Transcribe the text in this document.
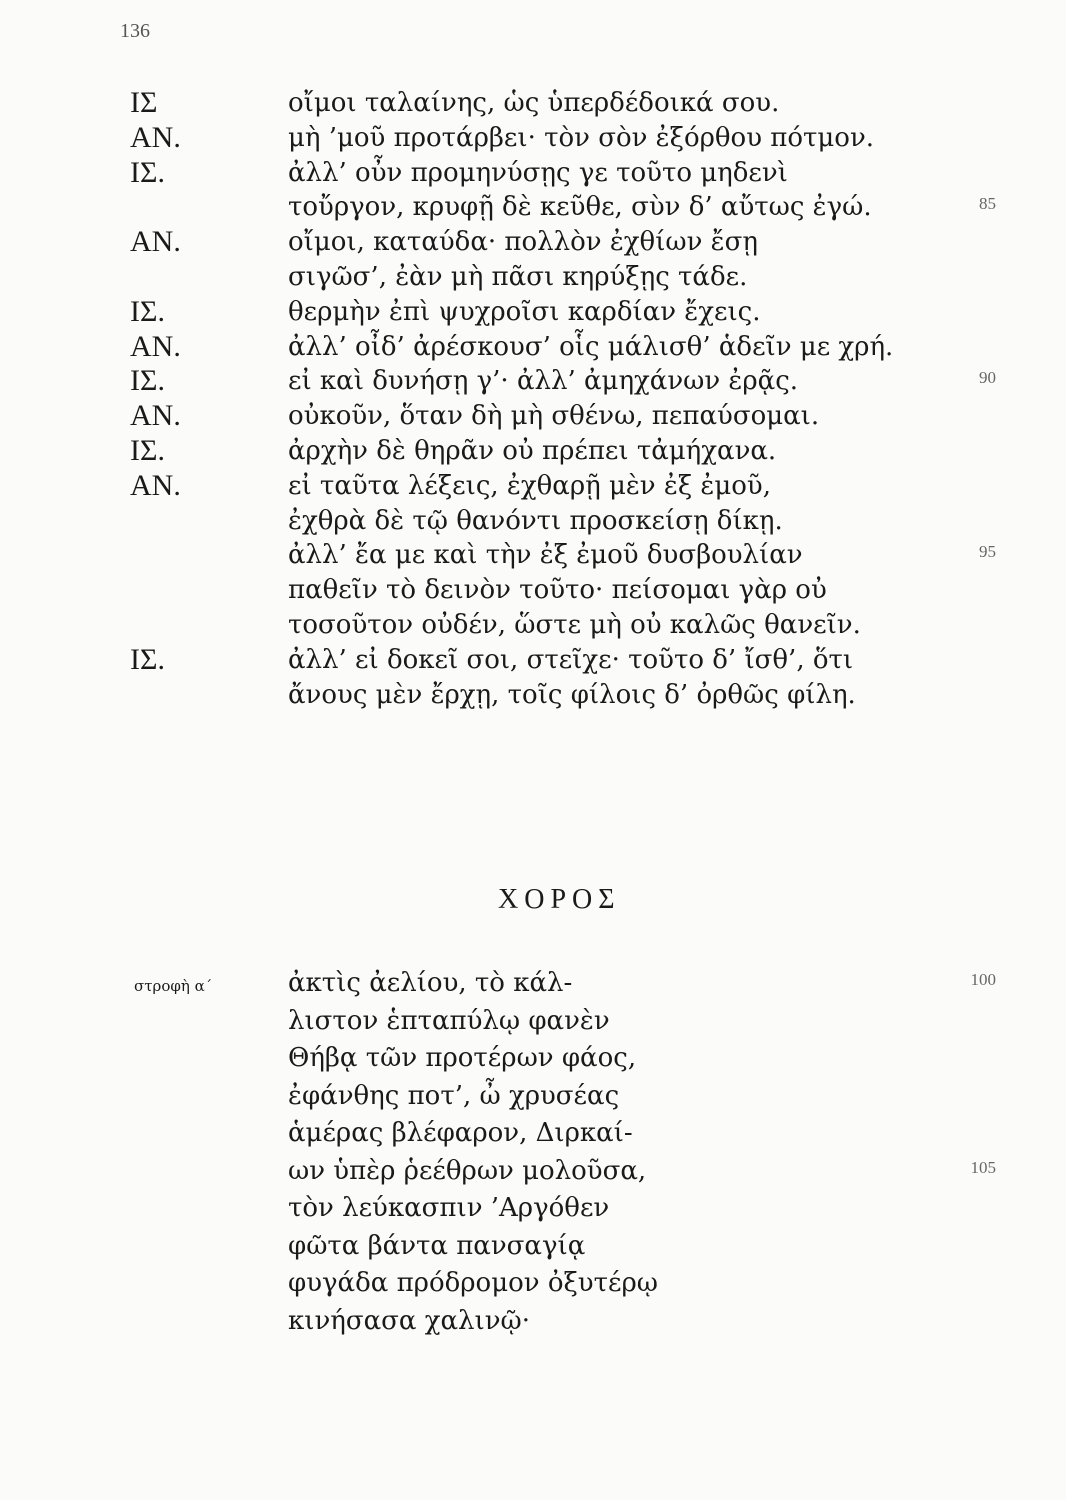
136
ΙΣ	οἴμοι ταλαίνης, ὡς ὑπερδέδοικά σου.
ΑΝ.	μὴ ’μοῦ προτάρβει· τὸν σὸν ἐξόρθου πότμον.
ΙΣ.	ἀλλ’ οὖν προμηνύσῃς γε τοῦτο μηδενὶ
τοὔργον, κρυφῇ δὲ κεῦθε, σὺν δ’ αὔτως ἐγώ.	85
ΑΝ.	οἴμοι, καταύδα· πολλὸν ἐχθίων ἔσῃ
σιγῶσ’, ἐὰν μὴ πᾶσι κηρύξῃς τάδε.
ΙΣ.	θερμὴν ἐπὶ ψυχροῖσι καρδίαν ἔχεις.
ΑΝ.	ἀλλ’ οἶδ’ ἀρέσκουσ’ οἷς μάλισθ’ ἁδεῖν με χρή.
ΙΣ.	εἰ καὶ δυνήσῃ γ’· ἀλλ’ ἀμηχάνων ἐρᾷς.	90
ΑΝ.	οὐκοῦν, ὅταν δὴ μὴ σθένω, πεπαύσομαι.
ΙΣ.	ἀρχὴν δὲ θηρᾶν οὐ πρέπει τἀμήχανα.
ΑΝ.	εἰ ταῦτα λέξεις, ἐχθαρῇ μὲν ἐξ ἐμοῦ,
ἐχθρὰ δὲ τῷ θανόντι προσκείσῃ δίκῃ.
ἀλλ’ ἔα με καὶ τὴν ἐξ ἐμοῦ δυσβουλίαν	95
παθεῖν τὸ δεινὸν τοῦτο· πείσομαι γὰρ οὐ
τοσοῦτον οὐδέν, ὥστε μὴ οὐ καλῶς θανεῖν.
ΙΣ.	ἀλλ’ εἰ δοκεῖ σοι, στεῖχε· τοῦτο δ’ ἴσθ’, ὅτι
ἄνους μὲν ἔρχῃ, τοῖς φίλοις δ’ ὀρθῶς φίλη.
ΧΟΡΟΣ
στροφὴ α΄	ἀκτὶς ἀελίου, τὸ κάλ-	100
λιστον ἑπταπύλῳ φανὲν
Θήβᾳ τῶν προτέρων φάος,
ἐφάνθης ποτ’, ὦ χρυσέας
ἁμέρας βλέφαρον, Διρκαί-
ων ὑπὲρ ῥεέθρων μολοῦσα,	105
τὸν λεύκασπιν ’Αργόθεν
φῶτα βάντα πανσαγίᾳ
φυγάδα πρόδρομον ὀξυτέρῳ
κινήσασα χαλινῷ·
